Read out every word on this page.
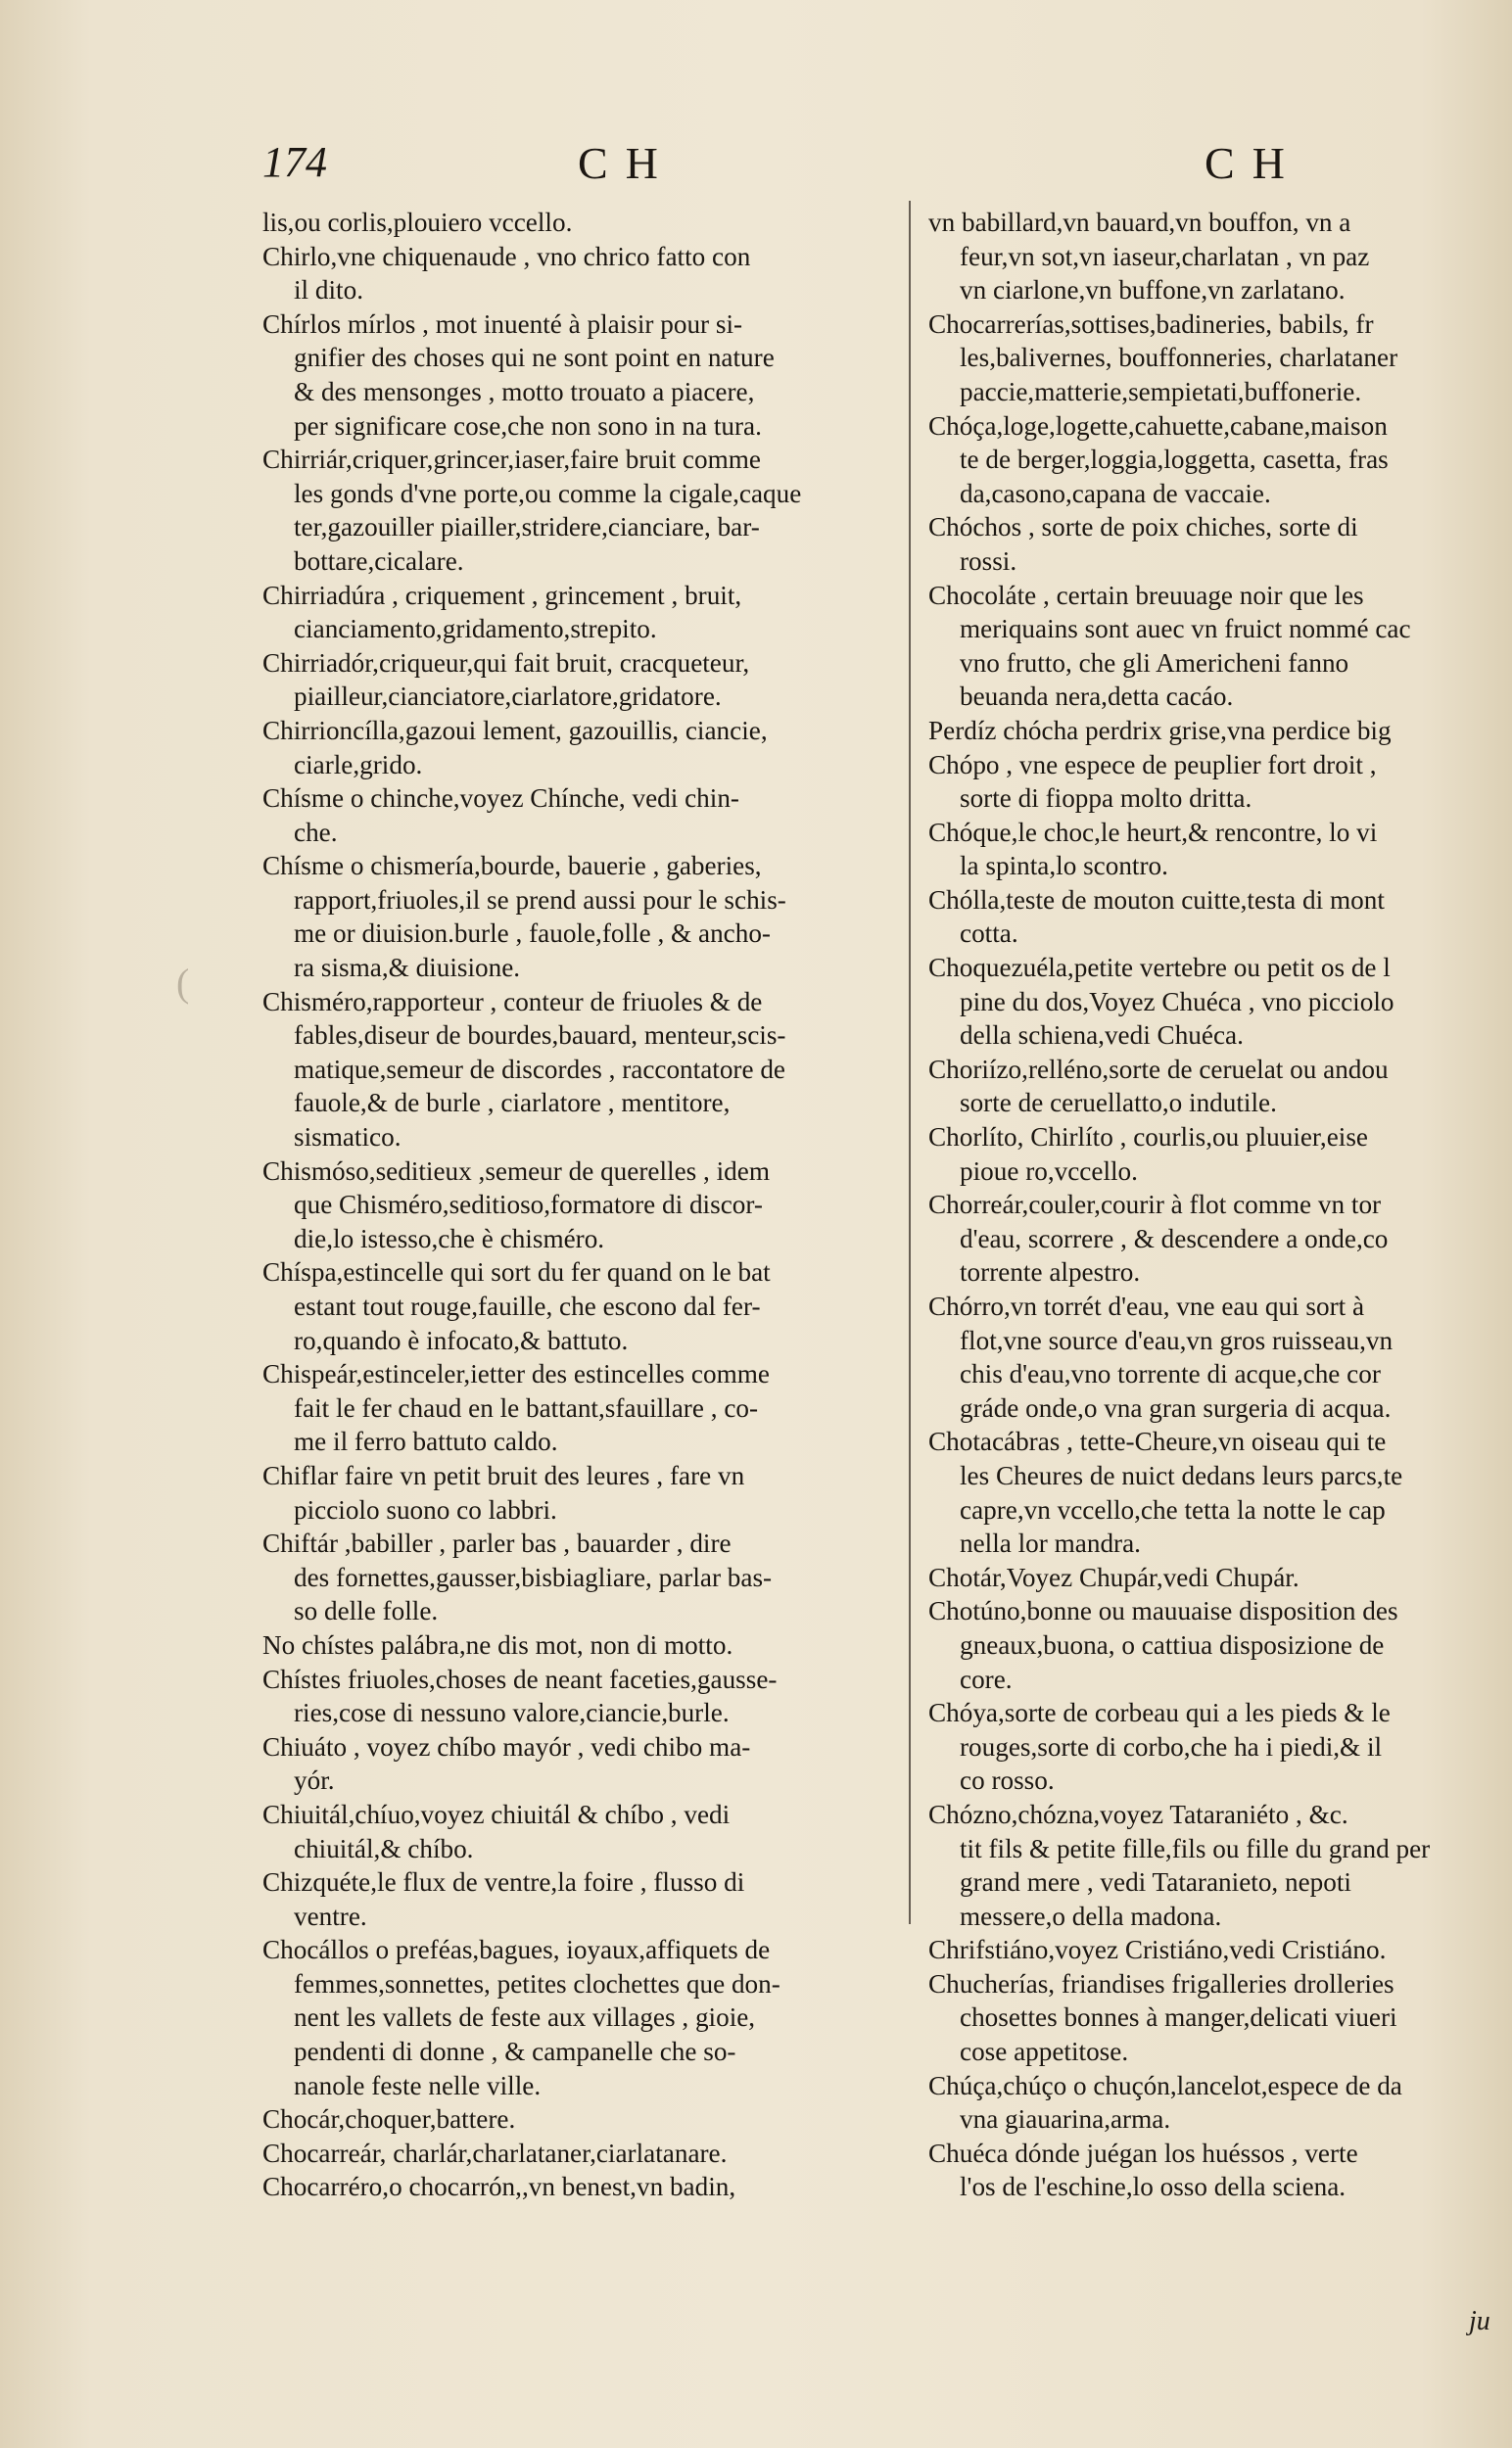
174	CH	CH
(
lis,ou corlis,plouiero vccello.
Chirlo,vne chiquenaude , vno chrico fatto con
il dito.
Chírlos mírlos , mot inuenté à plaisir pour si-
gnifier des choses qui ne sont point en nature
& des mensonges , motto trouato a piacere,
per significare cose,che non sono in na tura.
Chirriár,criquer,grincer,iaser,faire bruit comme
les gonds d'vne porte,ou comme la cigale,caque
ter,gazouiller piailler,stridere,cianciare, bar-
bottare,cicalare.
Chirriadúra , criquement , grincement , bruit,
cianciamento,gridamento,strepito.
Chirriadór,criqueur,qui fait bruit, cracqueteur,
piailleur,cianciatore,ciarlatore,gridatore.
Chirrioncílla,gazoui lement, gazouillis, ciancie,
ciarle,grido.
Chísme o chinche,voyez Chínche, vedi chin-
che.
Chísme o chismería,bourde, bauerie , gaberies,
rapport,friuoles,il se prend aussi pour le schis-
me or diuision.burle , fauole,folle , & ancho-
ra sisma,& diuisione.
Chisméro,rapporteur , conteur de friuoles & de
fables,diseur de bourdes,bauard, menteur,scis-
matique,semeur de discordes , raccontatore de
fauole,& de burle , ciarlatore , mentitore,
sismatico.
Chismóso,seditieux ,semeur de querelles , idem
que Chisméro,seditioso,formatore di discor-
die,lo istesso,che è chisméro.
Chíspa,estincelle qui sort du fer quand on le bat
estant tout rouge,fauille, che escono dal fer-
ro,quando è infocato,& battuto.
Chispeár,estinceler,ietter des estincelles comme
fait le fer chaud en le battant,sfauillare , co-
me il ferro battuto caldo.
Chiflar faire vn petit bruit des leures , fare vn
picciolo suono co labbri.
Chiftár ,babiller , parler bas , bauarder , dire
des fornettes,gausser,bisbiagliare, parlar bas-
so delle folle.
No chístes palábra,ne dis mot, non di motto.
Chístes friuoles,choses de neant faceties,gausse-
ries,cose di nessuno valore,ciancie,burle.
Chiuáto , voyez chíbo mayór , vedi chibo ma-
yór.
Chiuitál,chíuo,voyez chiuitál & chíbo , vedi
chiuitál,& chíbo.
Chizquéte,le flux de ventre,la foire , flusso di
ventre.
Chocállos o preféas,bagues, ioyaux,affiquets de
femmes,sonnettes, petites clochettes que don-
nent les vallets de feste aux villages , gioie,
pendenti di donne , & campanelle che so-
nanole feste nelle ville.
Chocár,choquer,battere.
Chocarreár, charlár,charlataner,ciarlatanare.
Chocarréro,o chocarrón,,vn benest,vn badin,
vn babillard,vn bauard,vn bouffon, vn a
feur,vn sot,vn iaseur,charlatan , vn paz
vn ciarlone,vn buffone,vn zarlatano.
Chocarrerías,sottises,badineries, babils, fr
les,balivernes, bouffonneries, charlataner
paccie,matterie,sempietati,buffonerie.
Chóça,loge,logette,cahuette,cabane,maison
te de berger,loggia,loggetta, casetta, fras
da,casono,capana de vaccaie.
Chóchos , sorte de poix chiches, sorte di
rossi.
Chocoláte , certain breuuage noir que les
meriquains sont auec vn fruict nommé cac
vno frutto, che gli Americheni fanno
beuanda nera,detta cacáo.
Perdíz chócha perdrix grise,vna perdice big
Chópo , vne espece de peuplier fort droit ,
sorte di fioppa molto dritta.
Chóque,le choc,le heurt,& rencontre, lo vi
la spinta,lo scontro.
Chólla,teste de mouton cuitte,testa di mont
cotta.
Choquezuéla,petite vertebre ou petit os de l
pine du dos,Voyez Chuéca , vno picciolo
della schiena,vedi Chuéca.
Choriízo,relléno,sorte de ceruelat ou andou
sorte de ceruellatto,o indutile.
Chorlíto, Chirlíto , courlis,ou pluuier,eise
pioue ro,vccello.
Chorreár,couler,courir à flot comme vn tor
d'eau, scorrere , & descendere a onde,co
torrente alpestro.
Chórro,vn torrét d'eau, vne eau qui sort à
flot,vne source d'eau,vn gros ruisseau,vn
chis d'eau,vno torrente di acque,che cor
gráde onde,o vna gran surgeria di acqua.
Chotacábras , tette-Cheure,vn oiseau qui te
les Cheures de nuict dedans leurs parcs,te
capre,vn vccello,che tetta la notte le cap
nella lor mandra.
Chotár,Voyez Chupár,vedi Chupár.
Chotúno,bonne ou mauuaise disposition des
gneaux,buona, o cattiua disposizione de
core.
Chóya,sorte de corbeau qui a les pieds & le
rouges,sorte di corbo,che ha i piedi,& il
co rosso.
Chózno,chózna,voyez Tataraniéto , &c.
tit fils & petite fille,fils ou fille du grand per
grand mere , vedi Tataranieto, nepoti
messere,o della madona.
Chrifstiáno,voyez Cristiáno,vedi Cristiáno.
Chucherías, friandises frigalleries drolleries
chosettes bonnes à manger,delicati viueri
cose appetitose.
Chúça,chúço o chuçón,lancelot,espece de da
vna giauarina,arma.
Chuéca dónde juégan los huéssos , verte
l'os de l'eschine,lo osso della sciena.
ju
